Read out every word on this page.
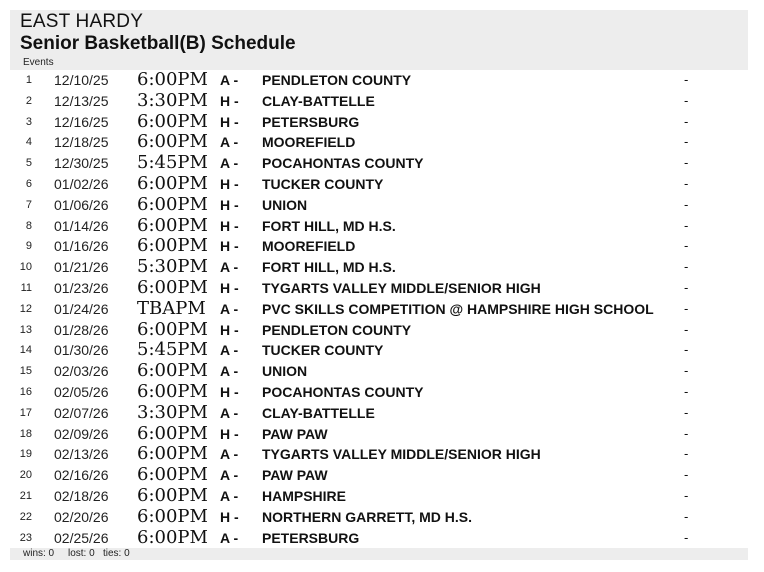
EAST HARDY
Senior Basketball(B) Schedule
Events
1 12/10/25 6:00PM A - PENDLETON COUNTY	-
2 12/13/25 3:30PM H - CLAY-BATTELLE	-
3 12/16/25 6:00PM H - PETERSBURG	-
4 12/18/25 6:00PM A - MOOREFIELD	-
5 12/30/25 5:45PM A - POCAHONTAS COUNTY	-
6 01/02/26 6:00PM H - TUCKER COUNTY	-
7 01/06/26 6:00PM H - UNION	-
8 01/14/26 6:00PM H - FORT HILL, MD H.S.	-
9 01/16/26 6:00PM H - MOOREFIELD	-
10 01/21/26 5:30PM A - FORT HILL, MD H.S.	-
11 01/23/26 6:00PM H - TYGARTS VALLEY MIDDLE/SENIOR HIGH	-
12 01/24/26 TBAPM A - PVC SKILLS COMPETITION @ HAMPSHIRE HIGH SCHOOL -
13 01/28/26 6:00PM H - PENDLETON COUNTY	-
14 01/30/26 5:45PM A - TUCKER COUNTY	-
15 02/03/26 6:00PM A - UNION	-
16 02/05/26 6:00PM H - POCAHONTAS COUNTY	-
17 02/07/26 3:30PM A - CLAY-BATTELLE	-
18 02/09/26 6:00PM H - PAW PAW	-
19 02/13/26 6:00PM A - TYGARTS VALLEY MIDDLE/SENIOR HIGH	-
20 02/16/26 6:00PM A - PAW PAW	-
21 02/18/26 6:00PM A - HAMPSHIRE	-
22 02/20/26 6:00PM H - NORTHERN GARRETT, MD H.S.	-
23 02/25/26 6:00PM A - PETERSBURG	-
wins: 0 lost: 0 ties: 0
